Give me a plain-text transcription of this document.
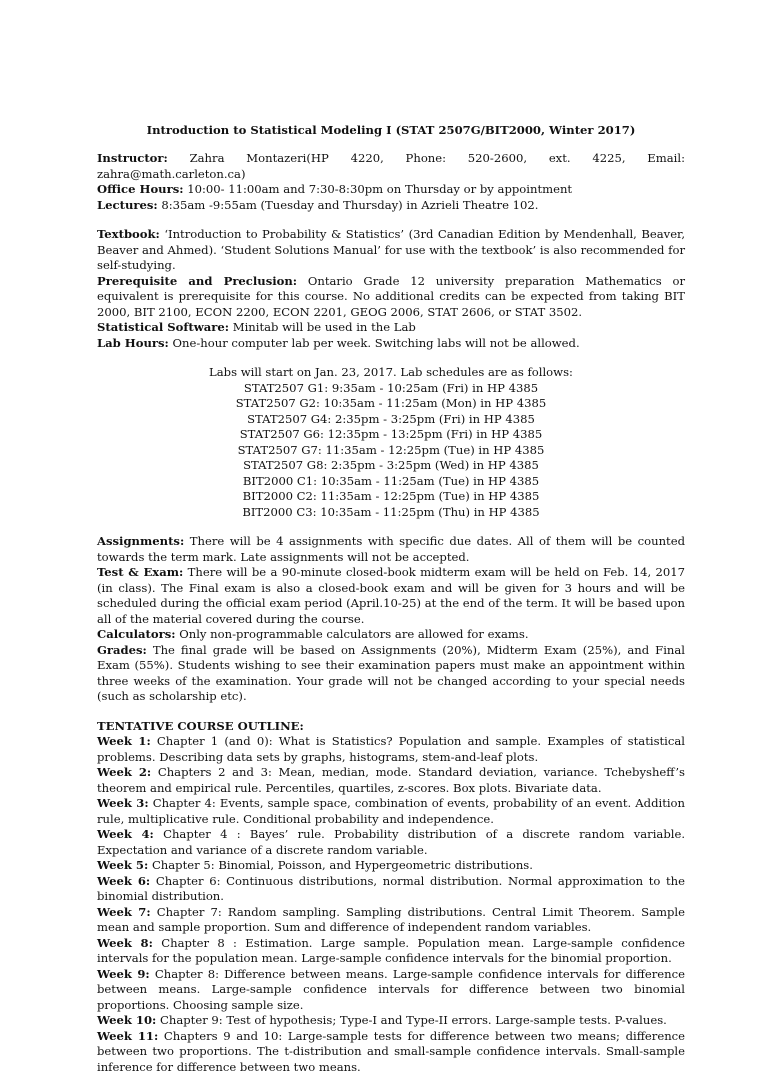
Introduction to Statistical Modeling I (STAT 2507G/BIT2000, Winter 2017)

Instructor: Zahra Montazeri(HP 4220, Phone: 520-2600, ext. 4225, Email: zahra@math.carleton.ca)

Office Hours: 10:00- 11:00am and 7:30-8:30pm on Thursday or by appointment

Lectures: 8:35am -9:55am (Tuesday and Thursday) in Azrieli Theatre 102.

Textbook: ‘Introduction to Probability & Statistics’ (3rd Canadian Edition by Mendenhall, Beaver, Beaver and Ahmed). ‘Student Solutions Manual’ for use with the textbook’ is also recommended for self-studying.

Prerequisite and Preclusion: Ontario Grade 12 university preparation Mathematics or equivalent is prerequisite for this course. No additional credits can be expected from taking BIT 2000, BIT 2100, ECON 2200, ECON 2201, GEOG 2006, STAT 2606, or STAT 3502.

Statistical Software: Minitab will be used in the Lab

Lab Hours: One-hour computer lab per week. Switching labs will not be allowed.

Labs will start on Jan. 23, 2017. Lab schedules are as follows:

STAT2507 G1: 9:35am - 10:25am (Fri) in HP 4385

STAT2507 G2: 10:35am - 11:25am (Mon) in HP 4385

STAT2507 G4: 2:35pm - 3:25pm (Fri) in HP 4385

STAT2507 G6: 12:35pm - 13:25pm (Fri) in HP 4385

STAT2507 G7: 11:35am - 12:25pm (Tue) in HP 4385

STAT2507 G8: 2:35pm - 3:25pm (Wed) in HP 4385

BIT2000 C1: 10:35am - 11:25am (Tue) in HP 4385

BIT2000 C2: 11:35am - 12:25pm (Tue) in HP 4385

BIT2000 C3: 10:35am - 11:25pm (Thu) in HP 4385

Assignments: There will be 4 assignments with specific due dates. All of them will be counted towards the term mark. Late assignments will not be accepted.

Test & Exam: There will be a 90-minute closed-book midterm exam will be held on Feb. 14, 2017 (in class). The Final exam is also a closed-book exam and will be given for 3 hours and will be scheduled during the official exam period (April.10-25) at the end of the term. It will be based upon all of the material covered during the course.

Calculators: Only non-programmable calculators are allowed for exams.

Grades: The final grade will be based on Assignments (20%), Midterm Exam (25%), and Final Exam (55%). Students wishing to see their examination papers must make an appointment within three weeks of the examination. Your grade will not be changed according to your special needs (such as scholarship etc).

TENTATIVE COURSE OUTLINE:

Week 1: Chapter 1 (and 0): What is Statistics? Population and sample. Examples of statistical problems. Describing data sets by graphs, histograms, stem-and-leaf plots.

Week 2: Chapters 2 and 3: Mean, median, mode. Standard deviation, variance. Tchebysheff’s theorem and empirical rule. Percentiles, quartiles, z-scores. Box plots. Bivariate data.

Week 3: Chapter 4: Events, sample space, combination of events, probability of an event. Addition rule, multiplicative rule. Conditional probability and independence.

Week 4: Chapter 4 : Bayes’ rule. Probability distribution of a discrete random variable. Expectation and variance of a discrete random variable.

Week 5: Chapter 5: Binomial, Poisson, and Hypergeometric distributions.

Week 6: Chapter 6: Continuous distributions, normal distribution. Normal approximation to the binomial distribution.

Week 7: Chapter 7: Random sampling. Sampling distributions. Central Limit Theorem. Sample mean and sample proportion. Sum and difference of independent random variables.

Week 8: Chapter 8 : Estimation. Large sample. Population mean. Large-sample confidence intervals for the population mean. Large-sample confidence intervals for the binomial proportion.

Week 9: Chapter 8: Difference between means. Large-sample confidence intervals for difference between means. Large-sample confidence intervals for difference between two binomial proportions. Choosing sample size.

Week 10: Chapter 9: Test of hypothesis; Type-I and Type-II errors. Large-sample tests. P-values.

Week 11: Chapters 9 and 10: Large-sample tests for difference between two means; difference between two proportions. The t-distribution and small-sample confidence intervals. Small-sample inference for difference between two means.
